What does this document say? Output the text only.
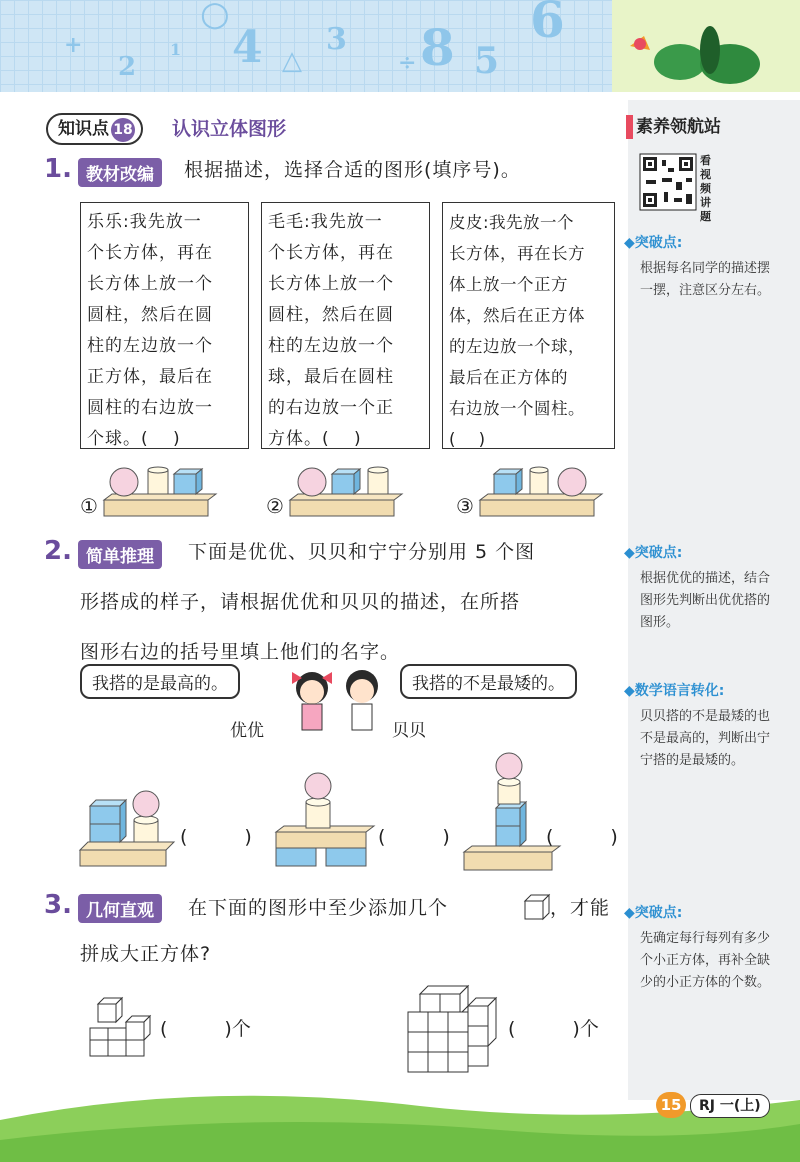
+
2
1
○
4 △
3
÷ 8 5
6
素养领航站
看
视
频
讲
题
◆突破点:
根据每名同学的描述摆一摆，注意区分左右。
◆突破点:
根据优优的描述，结合图形先判断出优优搭的图形。
◆数学语言转化:
贝贝搭的不是最矮的也不是最高的，判断出宁宁搭的是最矮的。
◆突破点:
先确定每行每列有多少个小正方体，再补全缺少的小正方体的个数。
知识点 18	认识立体图形
1. 教材改编	根据描述，选择合适的图形(填序号)。
乐乐:我先放一
个长方体，再在
长方体上放一个
圆柱，然后在圆
柱的左边放一个
正方体，最后在
圆柱的右边放一
个球。(　 )
毛毛:我先放一
个长方体，再在
长方体上放一个
圆柱，然后在圆
柱的左边放一个
球，最后在圆柱
的右边放一个正
方体。(　 )
皮皮:我先放一个
长方体，再在长方
体上放一个正方
体，然后在正方体
的左边放一个球，
最后在正方体的
右边放一个圆柱。
(　 )
①	②	③
2. 简单推理	下面是优优、贝贝和宁宁分别用 5 个图
形搭成的样子，请根据优优和贝贝的描述，在所搭
图形右边的括号里填上他们的名字。
我搭的是最高的。	我搭的不是最矮的。
优优	贝贝
(　　　)	(　　　)	(　　　)
3. 几何直观	在下面的图形中至少添加几个	，才能
拼成大正方体?
(　　　)个	(　　　)个
15	RJ 一(上)
